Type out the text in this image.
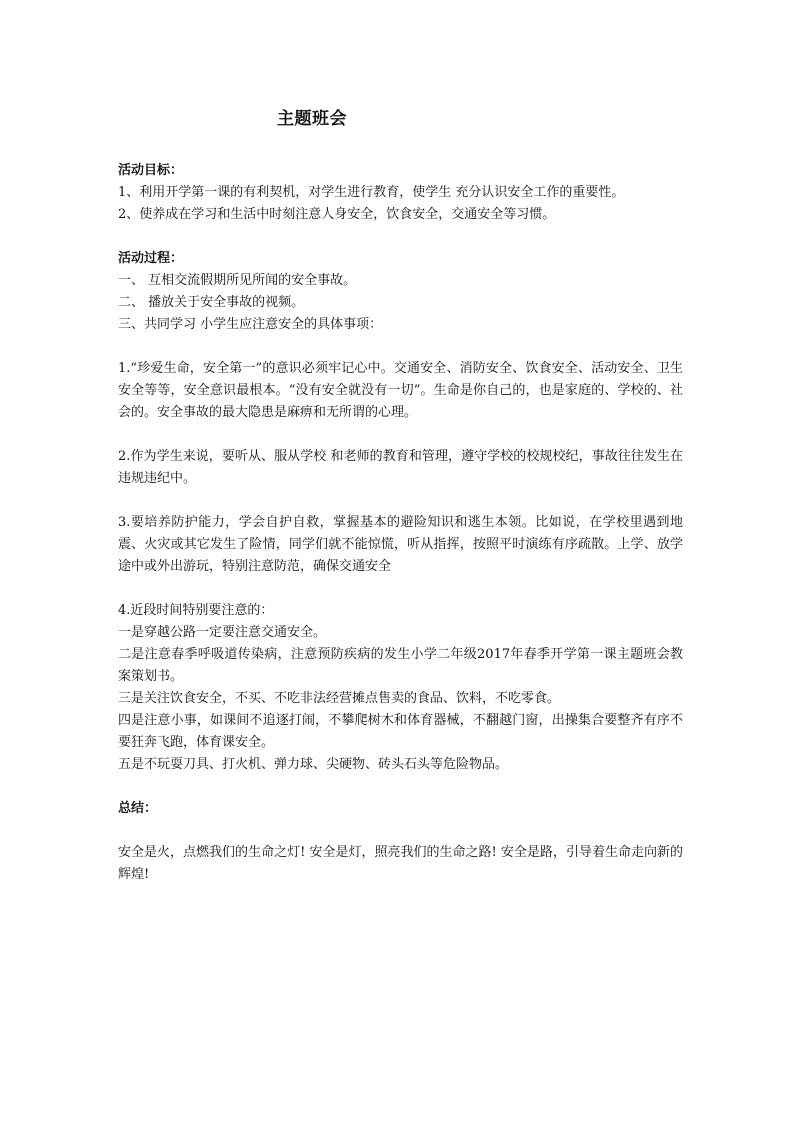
主题班会

活动目标：

1、利用开学第一课的有利契机，对学生进行教育，使学生 充分认识安全工作的重要性。

2、使养成在学习和生活中时刻注意人身安全，饮食安全，交通安全等习惯。

活动过程：

一、 互相交流假期所见所闻的安全事故。

二、 播放关于安全事故的视频。

三、共同学习 小学生应注意安全的具体事项：

1.“珍爱生命，安全第一”的意识必须牢记心中。交通安全、消防安全、饮食安全、活动安全、卫生安全等等，安全意识最根本。“没有安全就没有一切”。生命是你自己的，也是家庭的、学校的、社会的。安全事故的最大隐患是麻痹和无所谓的心理。

2.作为学生来说，要听从、服从学校 和老师的教育和管理，遵守学校的校规校纪，事故往往发生在违规违纪中。

3.要培养防护能力，学会自护自救，掌握基本的避险知识和逃生本领。比如说，在学校里遇到地震、火灾或其它发生了险情，同学们就不能惊慌，听从指挥，按照平时演练有序疏散。上学、放学途中或外出游玩，特别注意防范，确保交通安全

4.近段时间特别要注意的：

一是穿越公路一定要注意交通安全。

二是注意春季呼吸道传染病，注意预防疾病的发生小学二年级2017年春季开学第一课主题班会教案策划书。

三是关注饮食安全，不买、不吃非法经营摊点售卖的食品、饮料，不吃零食。

四是注意小事，如课间不追逐打闹，不攀爬树木和体育器械，不翻越门窗，出操集合要整齐有序不要狂奔飞跑，体育课安全。

五是不玩耍刀具、打火机、弹力球、尖硬物、砖头石头等危险物品。

总结：

安全是火，点燃我们的生命之灯! 安全是灯，照亮我们的生命之路! 安全是路，引导着生命走向新的辉煌!
